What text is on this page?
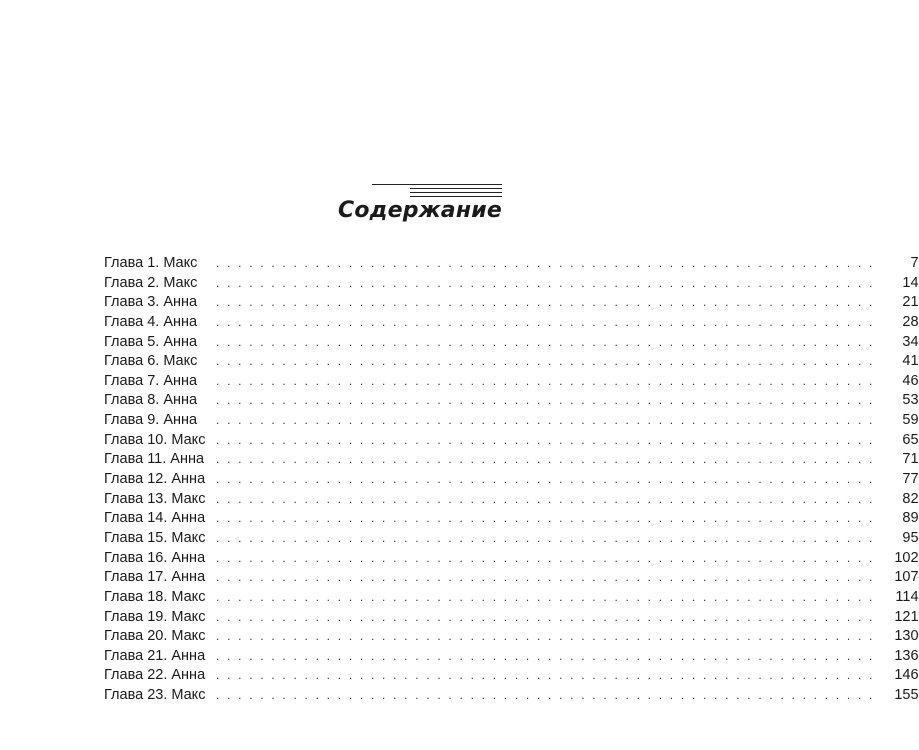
Содержание
Глава 1. Макс	. . . . . . . . . . . . . . . . . . . . . . . . . . . . . . . . . . . . . . . . . . . . . . . . . . . . . . . . . . . .	7
Глава 2. Макс	. . . . . . . . . . . . . . . . . . . . . . . . . . . . . . . . . . . . . . . . . . . . . . . . . . . . . . . . . . . .	14
Глава 3. Анна	. . . . . . . . . . . . . . . . . . . . . . . . . . . . . . . . . . . . . . . . . . . . . . . . . . . . . . . . . . . .	21
Глава 4. Анна	. . . . . . . . . . . . . . . . . . . . . . . . . . . . . . . . . . . . . . . . . . . . . . . . . . . . . . . . . . . .	28
Глава 5. Анна	. . . . . . . . . . . . . . . . . . . . . . . . . . . . . . . . . . . . . . . . . . . . . . . . . . . . . . . . . . . .	34
Глава 6. Макс	. . . . . . . . . . . . . . . . . . . . . . . . . . . . . . . . . . . . . . . . . . . . . . . . . . . . . . . . . . . .	41
Глава 7. Анна	. . . . . . . . . . . . . . . . . . . . . . . . . . . . . . . . . . . . . . . . . . . . . . . . . . . . . . . . . . . .	46
Глава 8. Анна	. . . . . . . . . . . . . . . . . . . . . . . . . . . . . . . . . . . . . . . . . . . . . . . . . . . . . . . . . . . .	53
Глава 9. Анна	. . . . . . . . . . . . . . . . . . . . . . . . . . . . . . . . . . . . . . . . . . . . . . . . . . . . . . . . . . . .	59
Глава 10. Макс . . . . . . . . . . . . . . . . . . . . . . . . . . . . . . . . . . . . . . . . . . . . . . . . . . . . . . . . . . . .	65
Глава 11. Анна . . . . . . . . . . . . . . . . . . . . . . . . . . . . . . . . . . . . . . . . . . . . . . . . . . . . . . . . . . . .	71
Глава 12. Анна . . . . . . . . . . . . . . . . . . . . . . . . . . . . . . . . . . . . . . . . . . . . . . . . . . . . . . . . . . . .	77
Глава 13. Макс . . . . . . . . . . . . . . . . . . . . . . . . . . . . . . . . . . . . . . . . . . . . . . . . . . . . . . . . . . . .	82
Глава 14. Анна . . . . . . . . . . . . . . . . . . . . . . . . . . . . . . . . . . . . . . . . . . . . . . . . . . . . . . . . . . . .	89
Глава 15. Макс . . . . . . . . . . . . . . . . . . . . . . . . . . . . . . . . . . . . . . . . . . . . . . . . . . . . . . . . . . . .	95
Глава 16. Анна . . . . . . . . . . . . . . . . . . . . . . . . . . . . . . . . . . . . . . . . . . . . . . . . . . . . . . . . . . . .	102
Глава 17. Анна . . . . . . . . . . . . . . . . . . . . . . . . . . . . . . . . . . . . . . . . . . . . . . . . . . . . . . . . . . . .	107
Глава 18. Макс . . . . . . . . . . . . . . . . . . . . . . . . . . . . . . . . . . . . . . . . . . . . . . . . . . . . . . . . . . . .	114
Глава 19. Макс . . . . . . . . . . . . . . . . . . . . . . . . . . . . . . . . . . . . . . . . . . . . . . . . . . . . . . . . . . . .	121
Глава 20. Макс . . . . . . . . . . . . . . . . . . . . . . . . . . . . . . . . . . . . . . . . . . . . . . . . . . . . . . . . . . . .	130
Глава 21. Анна . . . . . . . . . . . . . . . . . . . . . . . . . . . . . . . . . . . . . . . . . . . . . . . . . . . . . . . . . . . .	136
Глава 22. Анна . . . . . . . . . . . . . . . . . . . . . . . . . . . . . . . . . . . . . . . . . . . . . . . . . . . . . . . . . . . .	146
Глава 23. Макс . . . . . . . . . . . . . . . . . . . . . . . . . . . . . . . . . . . . . . . . . . . . . . . . . . . . . . . . . . . .	155
